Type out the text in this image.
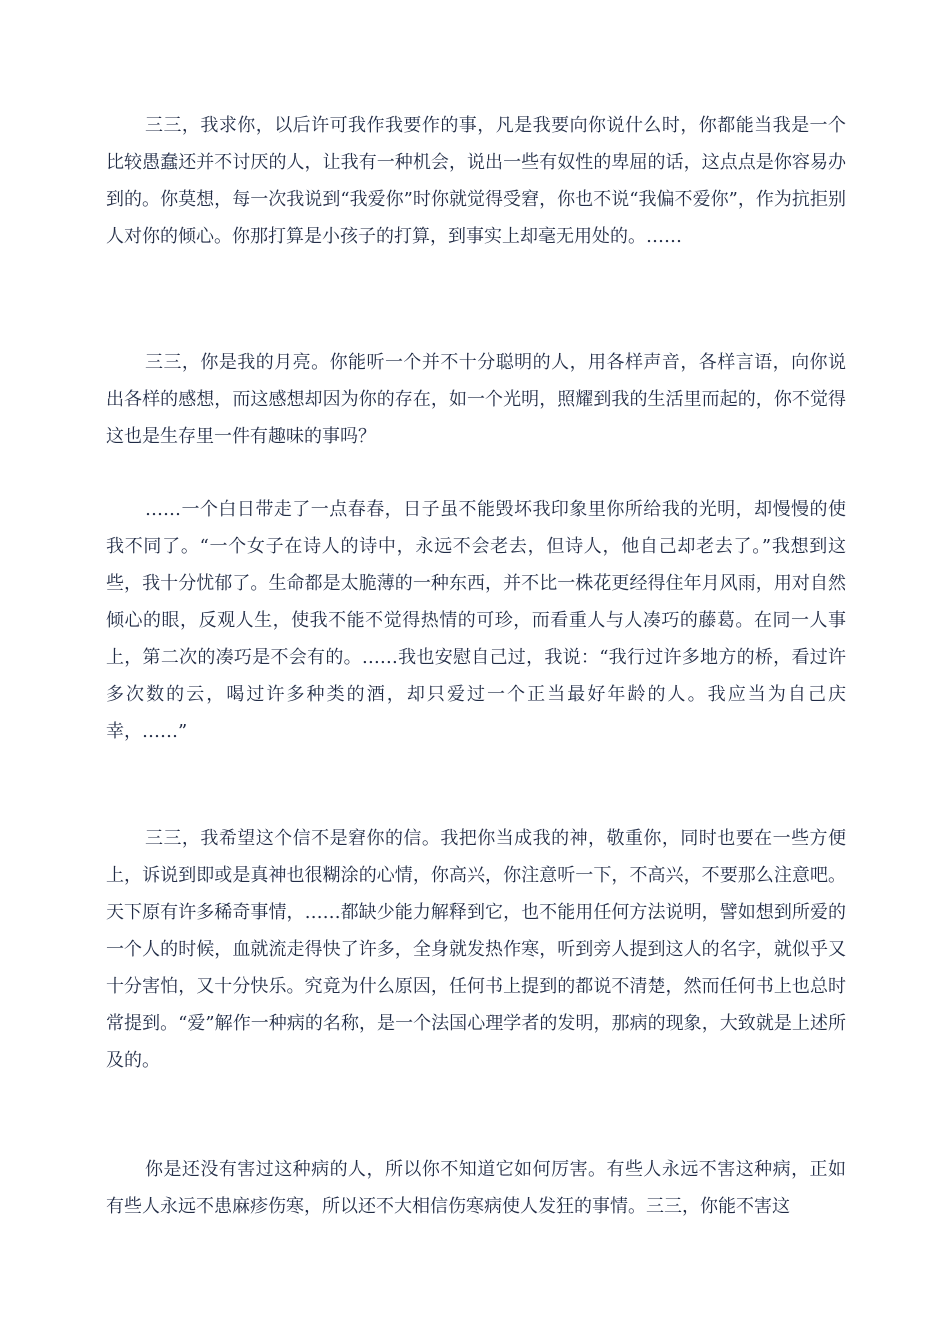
三三，我求你，以后许可我作我要作的事，凡是我要向你说什么时，你都能当我是一个比较愚蠢还并不讨厌的人，让我有一种机会，说出一些有奴性的卑屈的话，这点点是你容易办到的。你莫想，每一次我说到“我爱你”时你就觉得受窘，你也不说“我偏不爱你”，作为抗拒别人对你的倾心。你那打算是小孩子的打算，到事实上却毫无用处的。……

三三，你是我的月亮。你能听一个并不十分聪明的人，用各样声音，各样言语，向你说出各样的感想，而这感想却因为你的存在，如一个光明，照耀到我的生活里而起的，你不觉得这也是生存里一件有趣味的事吗？

……一个白日带走了一点春春，日子虽不能毁坏我印象里你所给我的光明，却慢慢的使我不同了。“一个女子在诗人的诗中，永远不会老去，但诗人，他自己却老去了。”我想到这些，我十分忧郁了。生命都是太脆薄的一种东西，并不比一株花更经得住年月风雨，用对自然倾心的眼，反观人生，使我不能不觉得热情的可珍，而看重人与人凑巧的藤葛。在同一人事上，第二次的凑巧是不会有的。……我也安慰自己过，我说：“我行过许多地方的桥，看过许多次数的云，喝过许多种类的酒，却只爱过一个正当最好年龄的人。我应当为自己庆幸，……”

三三，我希望这个信不是窘你的信。我把你当成我的神，敬重你，同时也要在一些方便上，诉说到即或是真神也很糊涂的心情，你高兴，你注意听一下，不高兴，不要那么注意吧。天下原有许多稀奇事情，……都缺少能力解释到它，也不能用任何方法说明，譬如想到所爱的一个人的时候，血就流走得快了许多，全身就发热作寒，听到旁人提到这人的名字，就似乎又十分害怕，又十分快乐。究竟为什么原因，任何书上提到的都说不清楚，然而任何书上也总时常提到。“爱”解作一种病的名称，是一个法国心理学者的发明，那病的现象，大致就是上述所及的。

你是还没有害过这种病的人，所以你不知道它如何厉害。有些人永远不害这种病，正如有些人永远不患麻疹伤寒，所以还不大相信伤寒病使人发狂的事情。三三，你能不害这
